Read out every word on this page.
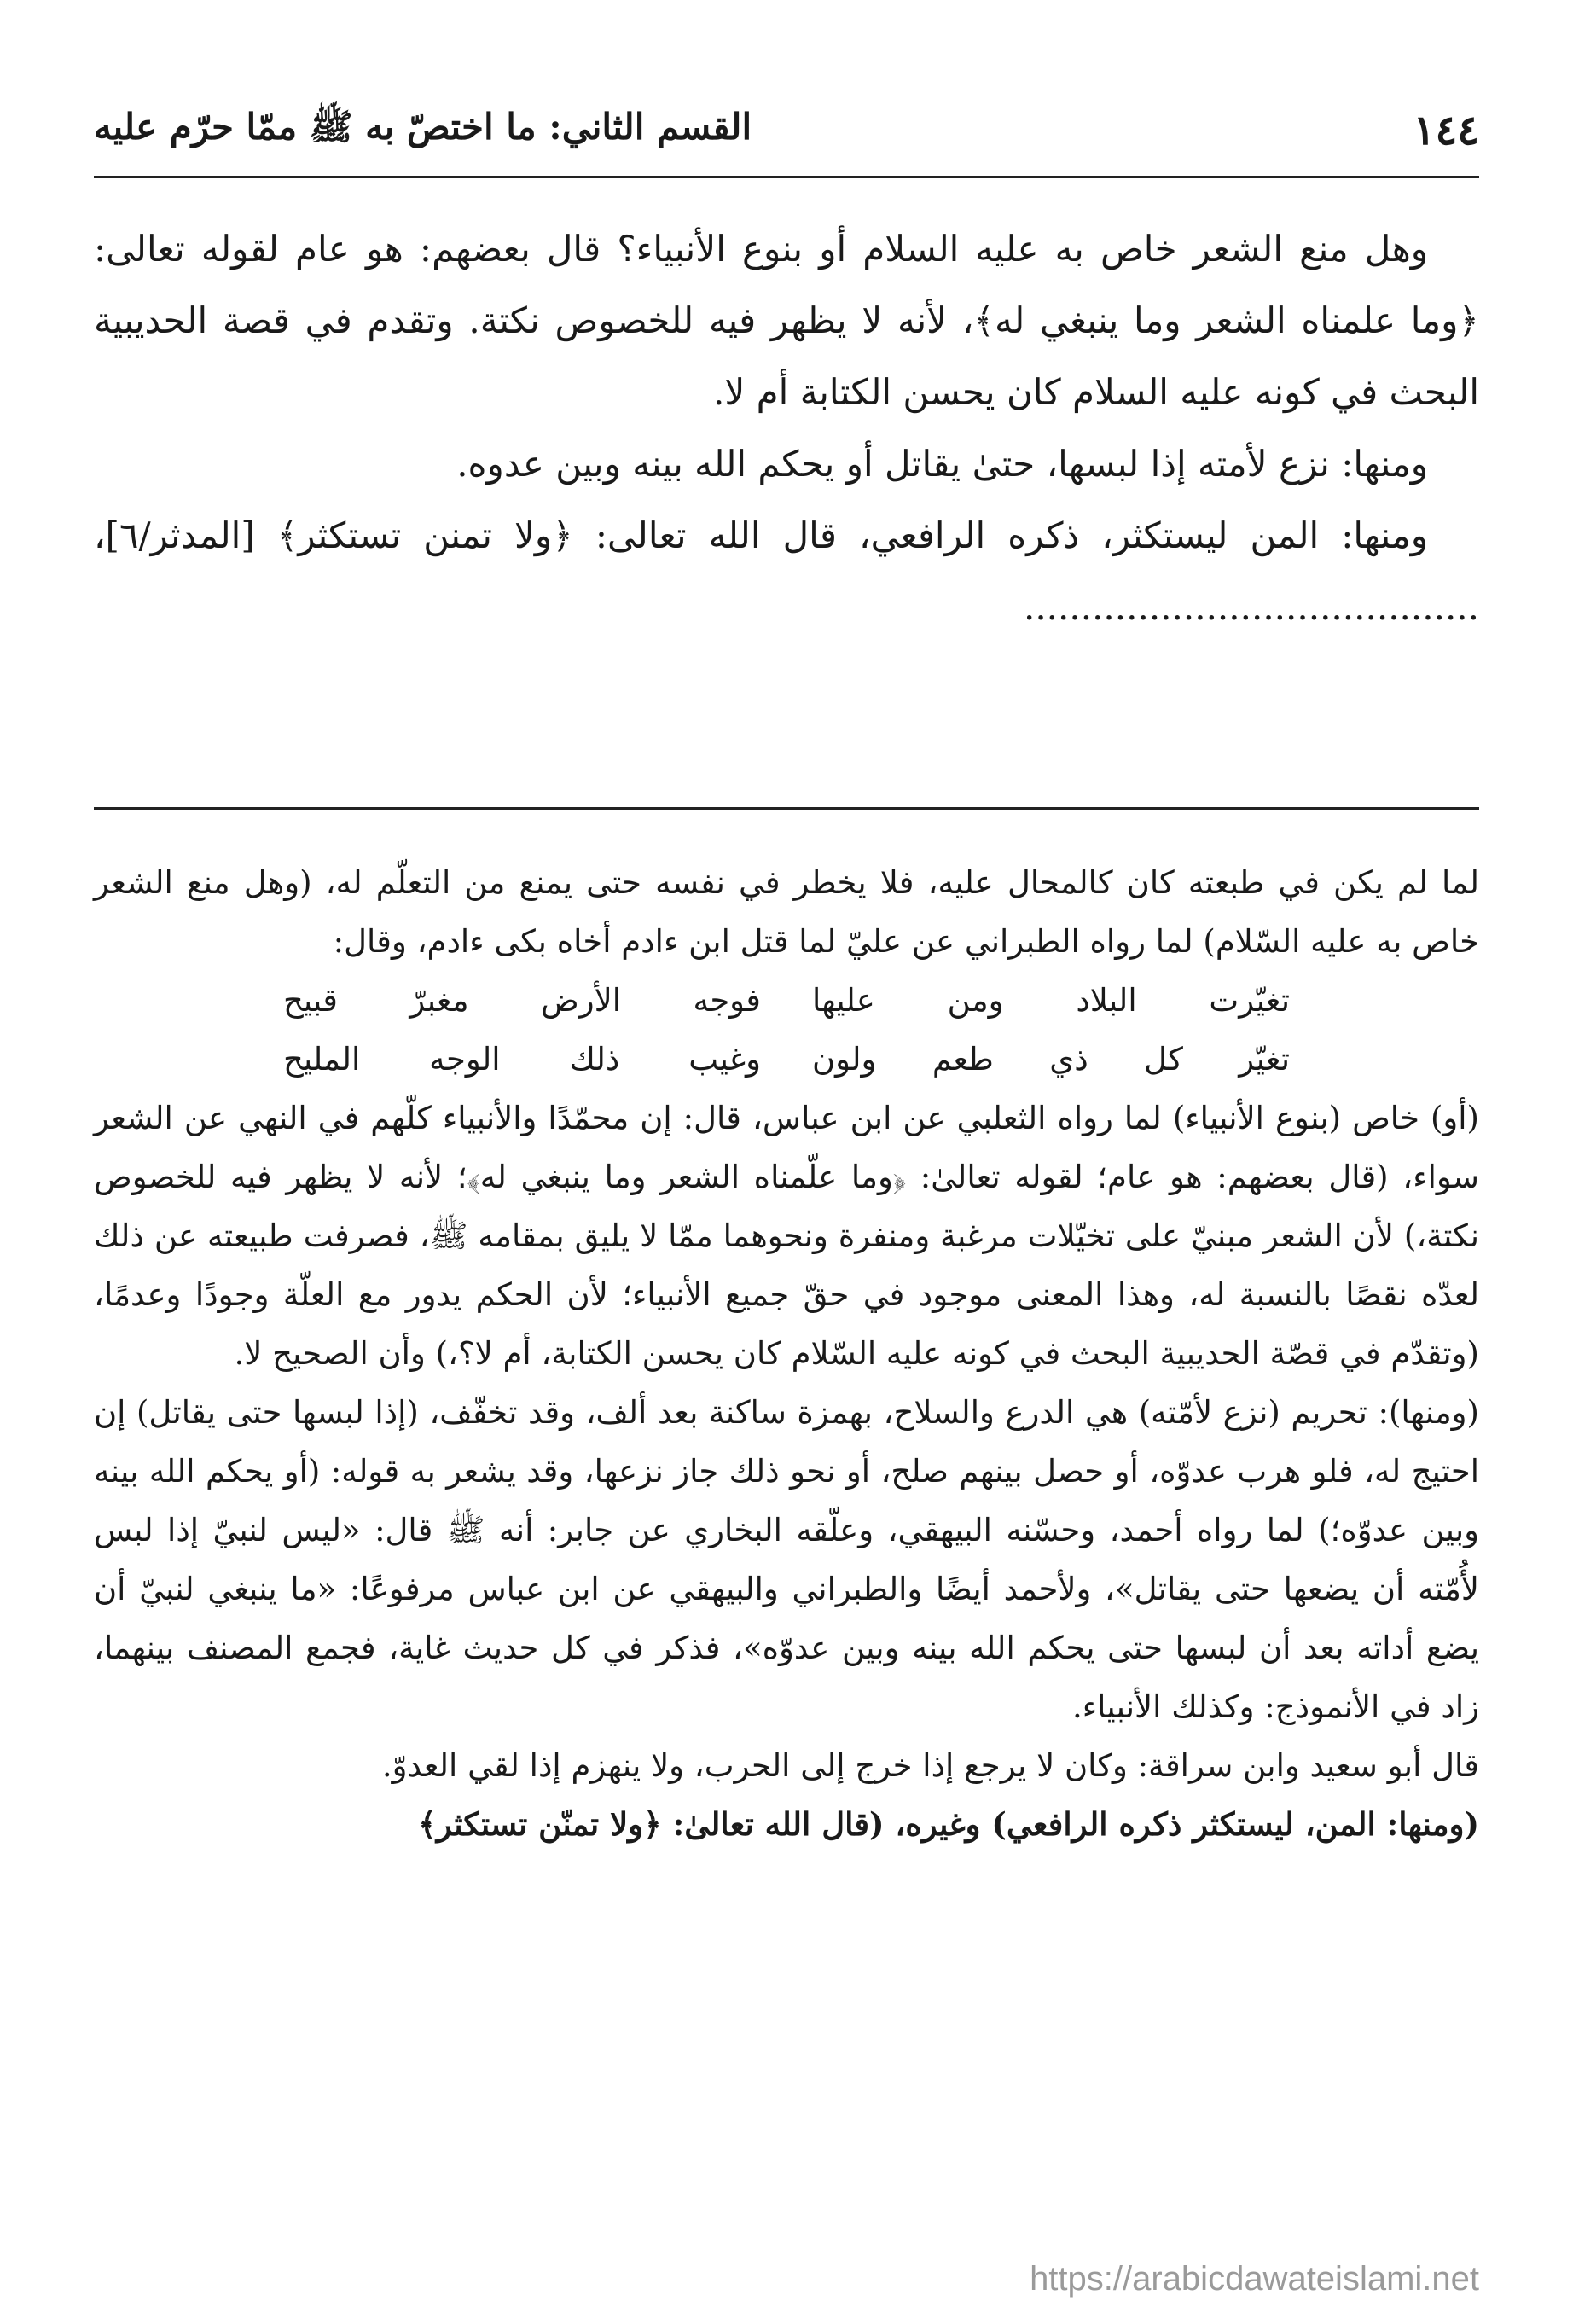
١٤٤
القسم الثاني: ما اختصّ به ﷺ ممّا حرّم عليه

وهل منع الشعر خاص به عليه السلام أو بنوع الأنبياء؟ قال بعضهم: هو عام لقوله تعالى: ﴿وما علمناه الشعر وما ينبغي له﴾، لأنه لا يظهر فيه للخصوص نكتة. وتقدم في قصة الحديبية البحث في كونه عليه السلام كان يحسن الكتابة أم لا.

ومنها: نزع لأمته إذا لبسها، حتىٰ يقاتل أو يحكم الله بينه وبين عدوه.

ومنها: المن ليستكثر، ذكره الرافعي، قال الله تعالى: ﴿ولا تمنن تستكثر﴾ [المدثر/٦]، ........................................

لما لم يكن في طبعته كان كالمحال عليه، فلا يخطر في نفسه حتى يمنع من التعلّم له، (وهل منع الشعر خاص به عليه السّلام) لما رواه الطبراني عن عليّ لما قتل ابن ءادم أخاه بكى ءادم، وقال:

تغيّرت البلاد ومن عليها
فوجه الأرض مغبرّ قبيح
تغيّر كل ذي طعم ولون
وغيب ذلك الوجه المليح

(أو) خاص (بنوع الأنبياء) لما رواه الثعلبي عن ابن عباس، قال: إن محمّدًا والأنبياء كلّهم في النهي عن الشعر سواء، (قال بعضهم: هو عام؛ لقوله تعالىٰ: ﴿وما علّمناه الشعر وما ينبغي له﴾؛ لأنه لا يظهر فيه للخصوص نكتة،) لأن الشعر مبنيّ على تخيّلات مرغبة ومنفرة ونحوهما ممّا لا يليق بمقامه ﷺ، فصرفت طبيعته عن ذلك لعدّه نقصًا بالنسبة له، وهذا المعنى موجود في حقّ جميع الأنبياء؛ لأن الحكم يدور مع العلّة وجودًا وعدمًا، (وتقدّم في قصّة الحديبية البحث في كونه عليه السّلام كان يحسن الكتابة، أم لا؟،) وأن الصحيح لا.

(ومنها): تحريم (نزع لأمّته) هي الدرع والسلاح، بهمزة ساكنة بعد ألف، وقد تخفّف، (إذا لبسها حتى يقاتل) إن احتيج له، فلو هرب عدوّه، أو حصل بينهم صلح، أو نحو ذلك جاز نزعها، وقد يشعر به قوله: (أو يحكم الله بينه وبين عدوّه؛) لما رواه أحمد، وحسّنه البيهقي، وعلّقه البخاري عن جابر: أنه ﷺ قال: «ليس لنبيّ إذا لبس لأُمّته أن يضعها حتى يقاتل»، ولأحمد أيضًا والطبراني والبيهقي عن ابن عباس مرفوعًا: «ما ينبغي لنبيّ أن يضع أداته بعد أن لبسها حتى يحكم الله بينه وبين عدوّه»، فذكر في كل حديث غاية، فجمع المصنف بينهما، زاد في الأنموذج: وكذلك الأنبياء.

قال أبو سعيد وابن سراقة: وكان لا يرجع إذا خرج إلى الحرب، ولا ينهزم إذا لقي العدوّ.

(ومنها: المن، ليستكثر ذكره الرافعي) وغيره، (قال الله تعالىٰ: ﴿ولا تمنّن تستكثر﴾

https://arabicdawateislami.net
